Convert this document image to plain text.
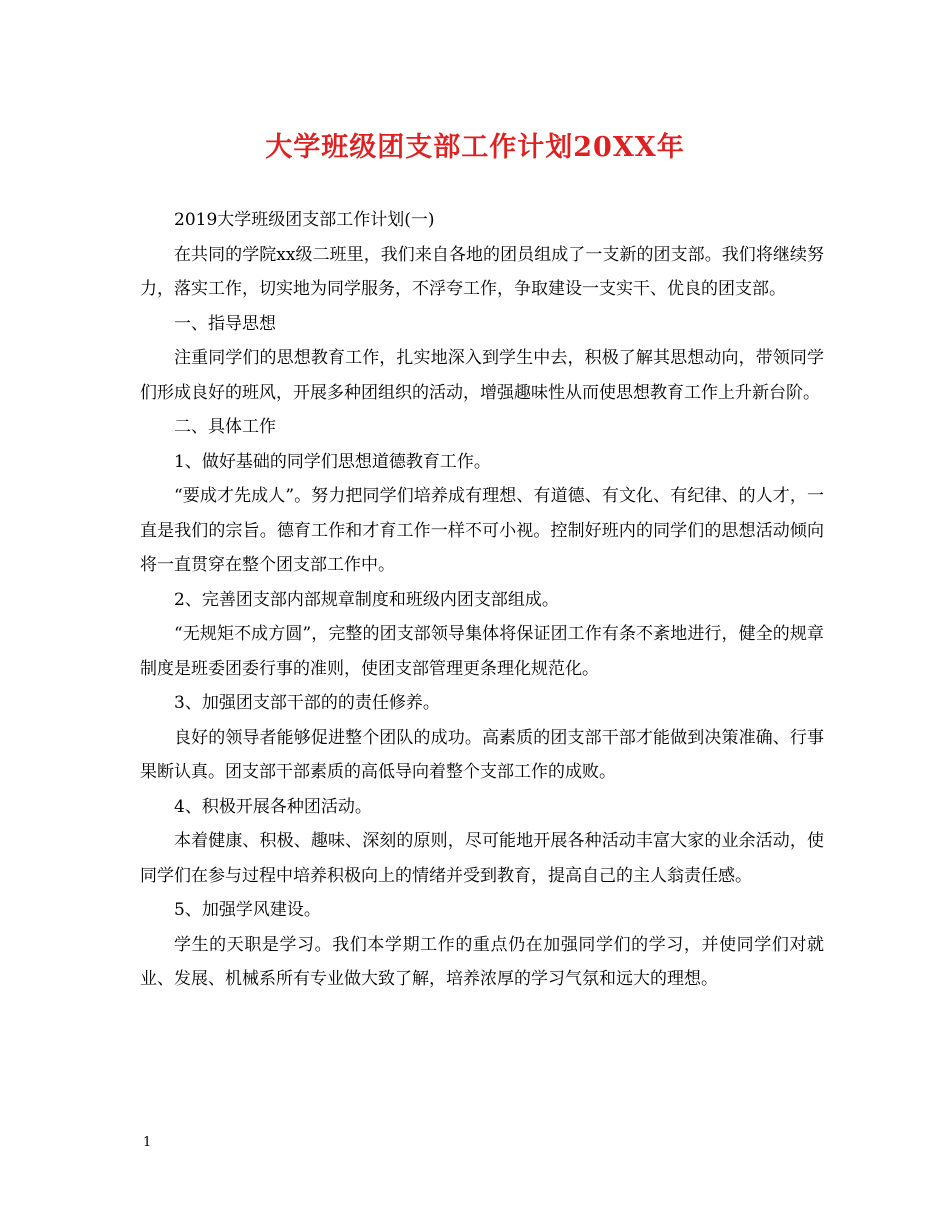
大学班级团支部工作计划20XX年

2019大学班级团支部工作计划(一)

在共同的学院xx级二班里，我们来自各地的团员组成了一支新的团支部。我们将继续努力，落实工作，切实地为同学服务，不浮夸工作，争取建设一支实干、优良的团支部。

一、指导思想

注重同学们的思想教育工作，扎实地深入到学生中去，积极了解其思想动向，带领同学们形成良好的班风，开展多种团组织的活动，增强趣味性从而使思想教育工作上升新台阶。

二、具体工作

1、做好基础的同学们思想道德教育工作。

“要成才先成人”。努力把同学们培养成有理想、有道德、有文化、有纪律、的人才，一直是我们的宗旨。德育工作和才育工作一样不可小视。控制好班内的同学们的思想活动倾向将一直贯穿在整个团支部工作中。

2、完善团支部内部规章制度和班级内团支部组成。

“无规矩不成方圆”，完整的团支部领导集体将保证团工作有条不紊地进行，健全的规章制度是班委团委行事的准则，使团支部管理更条理化规范化。

3、加强团支部干部的的责任修养。

良好的领导者能够促进整个团队的成功。高素质的团支部干部才能做到决策准确、行事果断认真。团支部干部素质的高低导向着整个支部工作的成败。

4、积极开展各种团活动。

本着健康、积极、趣味、深刻的原则，尽可能地开展各种活动丰富大家的业余活动，使同学们在参与过程中培养积极向上的情绪并受到教育，提高自己的主人翁责任感。

5、加强学风建设。

学生的天职是学习。我们本学期工作的重点仍在加强同学们的学习，并使同学们对就业、发展、机械系所有专业做大致了解，培养浓厚的学习气氛和远大的理想。

1
